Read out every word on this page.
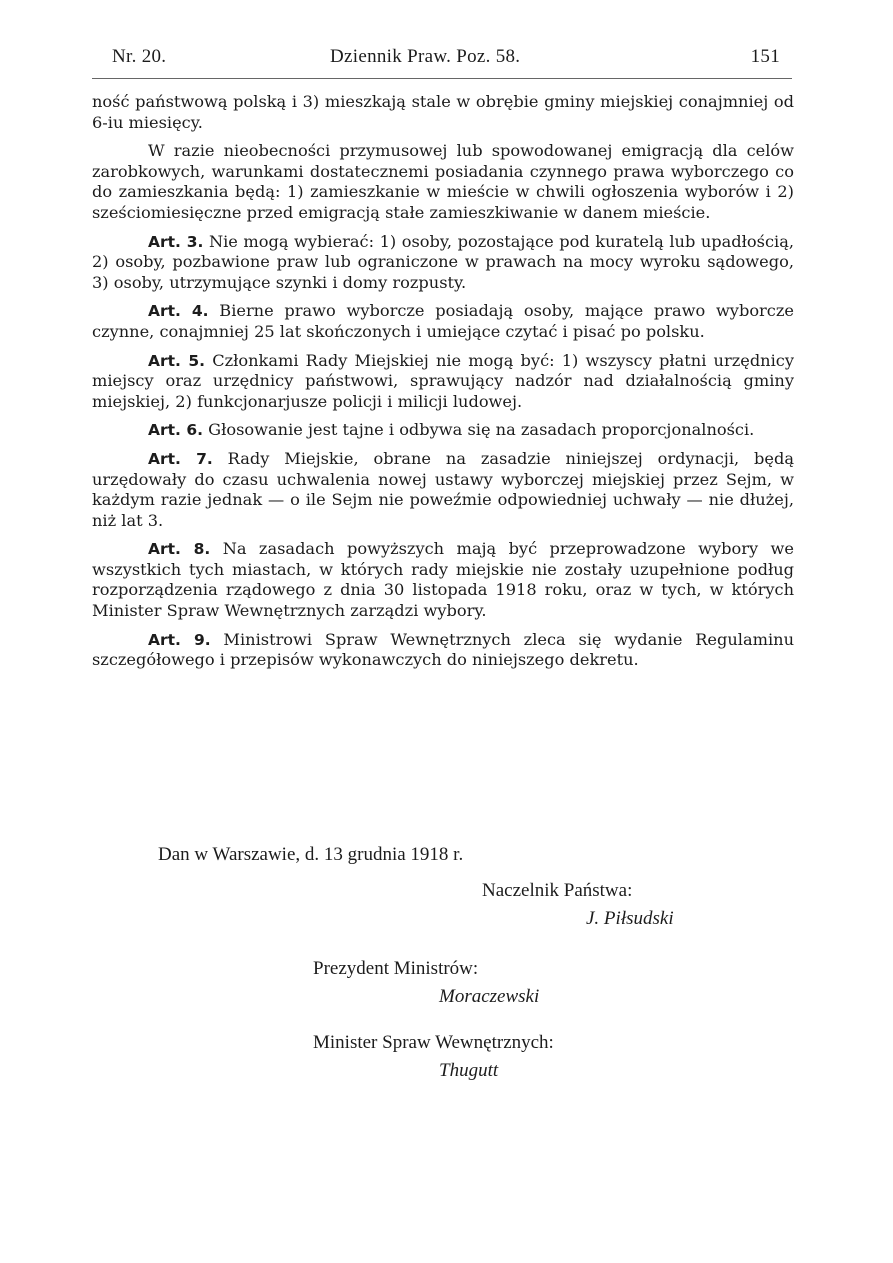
Nr. 20.	Dziennik Praw. Poz. 58.	151

ność państwową polską i 3) mieszkają stale w obrębie gminy miejskiej conajmniej od 6-iu miesięcy.

W razie nieobecności przymusowej lub spowodowanej emigracją dla celów zarobkowych, warunkami dostatecznemi posiadania czynnego prawa wyborczego co do zamieszkania będą: 1) zamieszkanie w mieście w chwili ogłoszenia wyborów i 2) sześciomiesięczne przed emigracją stałe zamieszkiwanie w danem mieście.

Art. 3. Nie mogą wybierać: 1) osoby, pozostające pod kuratelą lub upadłością, 2) osoby, pozbawione praw lub ograniczone w prawach na mocy wyroku sądowego, 3) osoby, utrzymujące szynki i domy rozpusty.

Art. 4. Bierne prawo wyborcze posiadają osoby, mające prawo wyborcze czynne, conajmniej 25 lat skończonych i umiejące czytać i pisać po polsku.

Art. 5. Członkami Rady Miejskiej nie mogą być: 1) wszyscy płatni urzędnicy miejscy oraz urzędnicy państwowi, sprawujący nadzór nad działalnością gminy miejskiej, 2) funkcjonarjusze policji i milicji ludowej.

Art. 6. Głosowanie jest tajne i odbywa się na zasadach proporcjonalności.

Art. 7. Rady Miejskie, obrane na zasadzie niniejszej ordynacji, będą urzędowały do czasu uchwalenia nowej ustawy wyborczej miejskiej przez Sejm, w każdym razie jednak — o ile Sejm nie poweźmie odpowiedniej uchwały — nie dłużej, niż lat 3.

Art. 8. Na zasadach powyższych mają być przeprowadzone wybory we wszystkich tych miastach, w których rady miejskie nie zostały uzupełnione podług rozporządzenia rządowego z dnia 30 listopada 1918 roku, oraz w tych, w których Minister Spraw Wewnętrznych zarządzi wybory.

Art. 9. Ministrowi Spraw Wewnętrznych zleca się wydanie Regulaminu szczegółowego i przepisów wykonawczych do niniejszego dekretu.

Dan w Warszawie, d. 13 grudnia 1918 r.
Naczelnik Państwa:
J. Piłsudski
Prezydent Ministrów:
Moraczewski
Minister Spraw Wewnętrznych:
Thugutt
